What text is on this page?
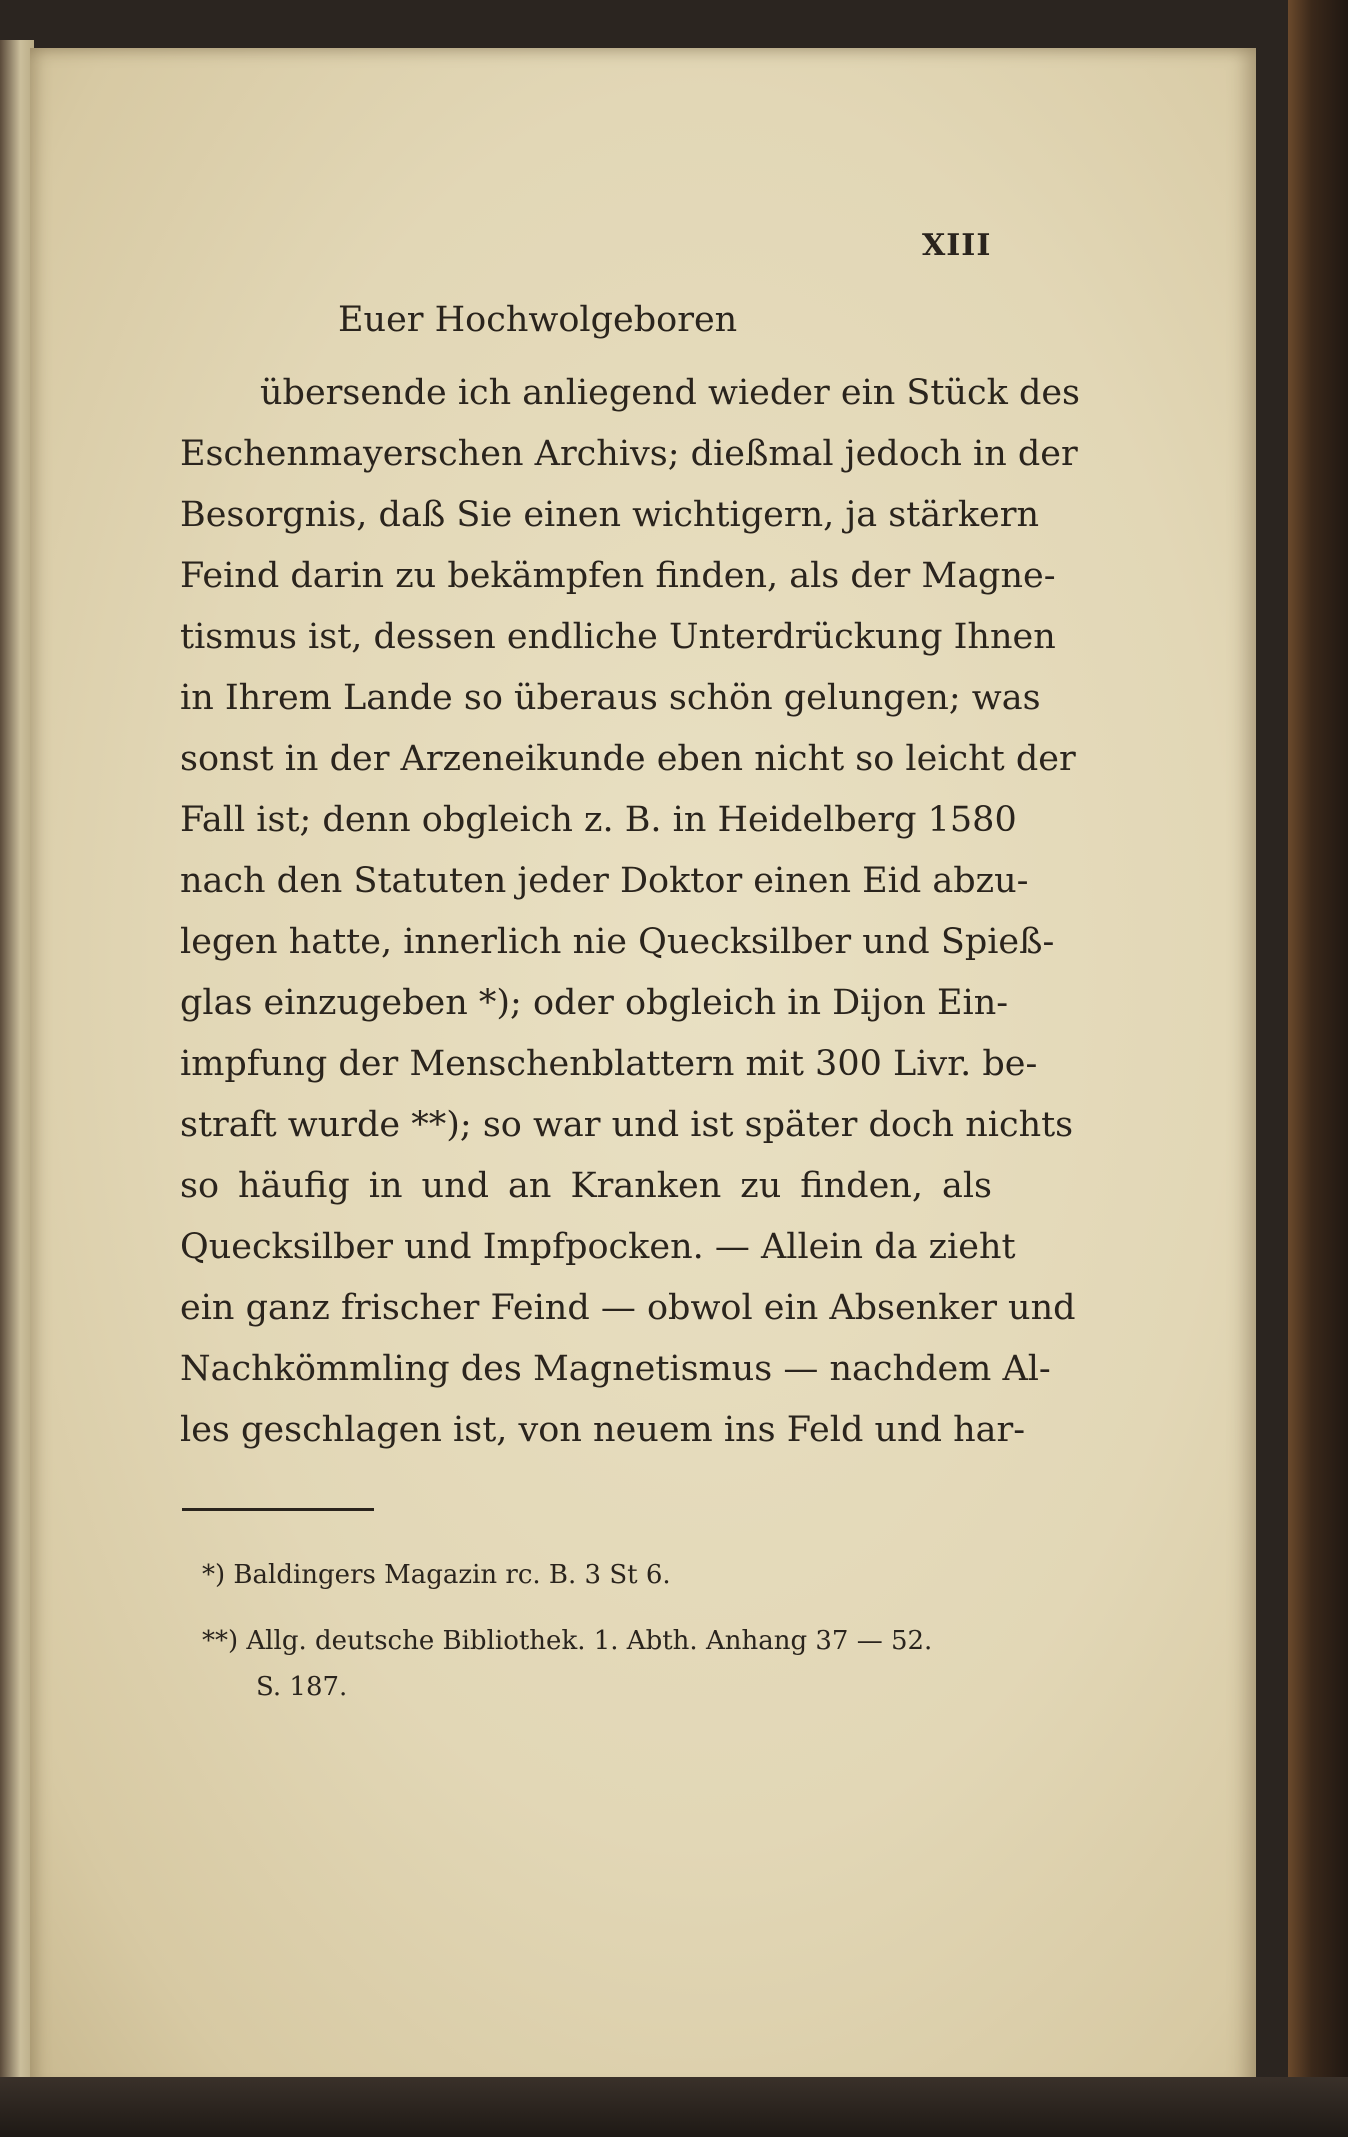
XIII
Euer Hochwolgeboren
übersende ich anliegend wieder ein Stück des
Eschenmayerschen Archivs; dießmal jedoch in der
Besorgnis, daß Sie einen wichtigern, ja stärkern
Feind darin zu bekämpfen finden, als der Magne-
tismus ist, dessen endliche Unterdrückung Ihnen
in Ihrem Lande so überaus schön gelungen; was
sonst in der Arzeneikunde eben nicht so leicht der
Fall ist; denn obgleich z. B. in Heidelberg 1580
nach den Statuten jeder Doktor einen Eid abzu-
legen hatte, innerlich nie Quecksilber und Spieß-
glas einzugeben *); oder obgleich in Dijon Ein-
impfung der Menschenblattern mit 300 Livr. be-
straft wurde **); so war und ist später doch nichts
so häufig in und an Kranken zu finden, als
Quecksilber und Impfpocken. — Allein da zieht
ein ganz frischer Feind — obwol ein Absenker und
Nachkömmling des Magnetismus — nachdem Al-
les geschlagen ist, von neuem ins Feld und har-
*) Baldingers Magazin rc. B. 3 St 6.
**) Allg. deutsche Bibliothek. 1. Abth. Anhang 37 — 52.
S. 187.
